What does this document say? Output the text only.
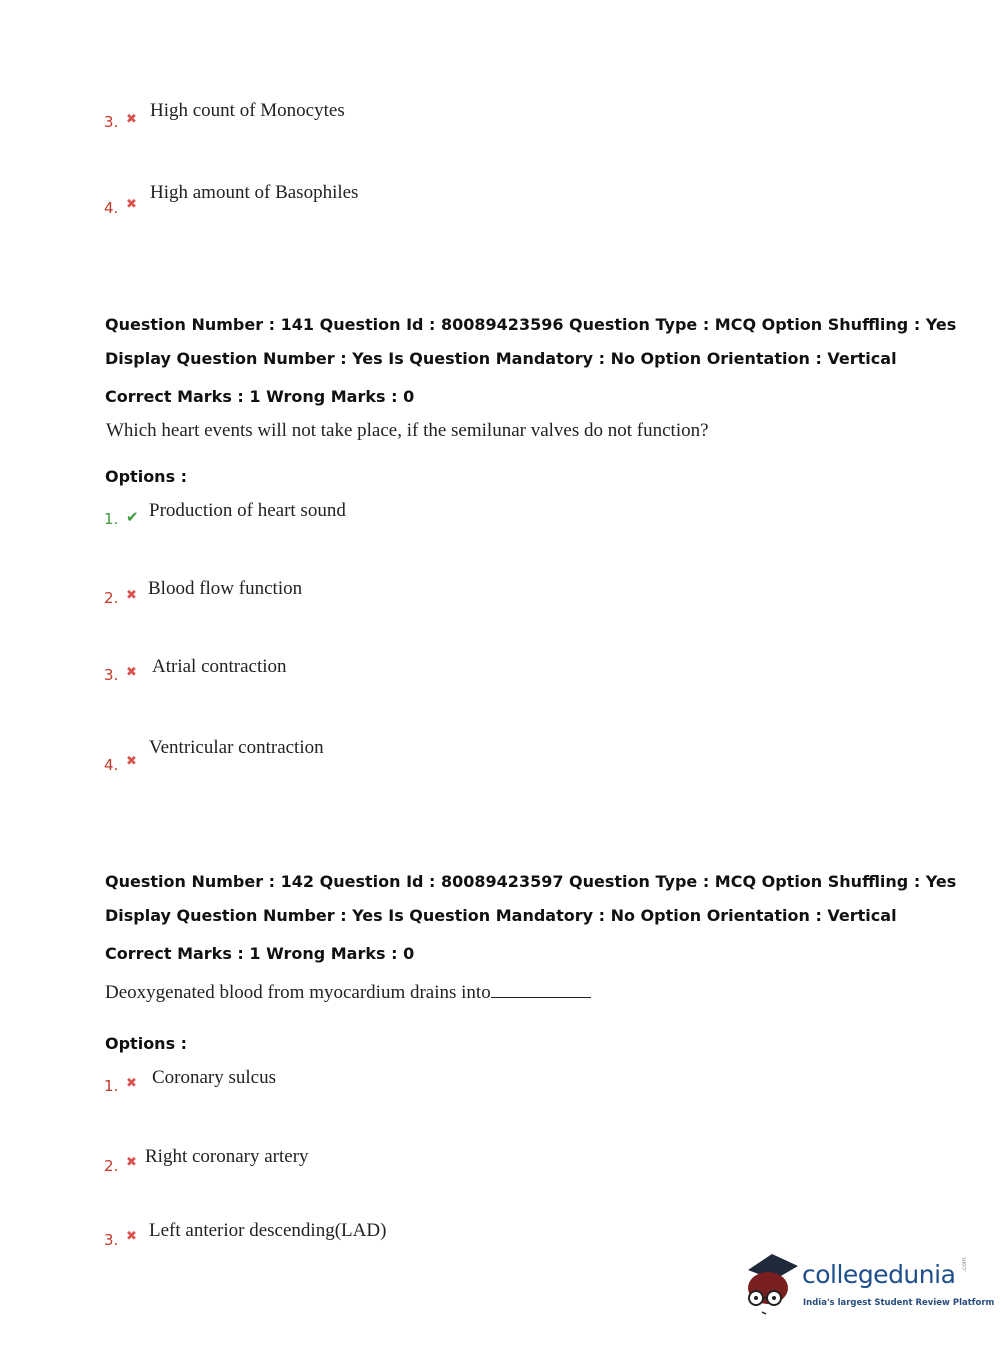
3. ✖ High count of Monocytes
4. ✖
High amount of Basophiles
Question Number : 141 Question Id : 80089423596 Question Type : MCQ Option Shuffling : Yes
Display Question Number : Yes Is Question Mandatory : No Option Orientation : Vertical
Correct Marks : 1 Wrong Marks : 0
Which heart events will not take place, if the semilunar valves do not function?
Options :
1. ✔ Production of heart sound
2. ✖ Blood flow function
3. ✖ Atrial contraction
4. ✖
Ventricular contraction
Question Number : 142 Question Id : 80089423597 Question Type : MCQ Option Shuffling : Yes
Display Question Number : Yes Is Question Mandatory : No Option Orientation : Vertical
Correct Marks : 1 Wrong Marks : 0
Deoxygenated blood from myocardium drains into
Options :
1. ✖ Coronary sulcus
2. ✖ Right coronary artery
3. ✖ Left anterior descending(LAD)
collegedunia .com
India's largest Student Review Platform
